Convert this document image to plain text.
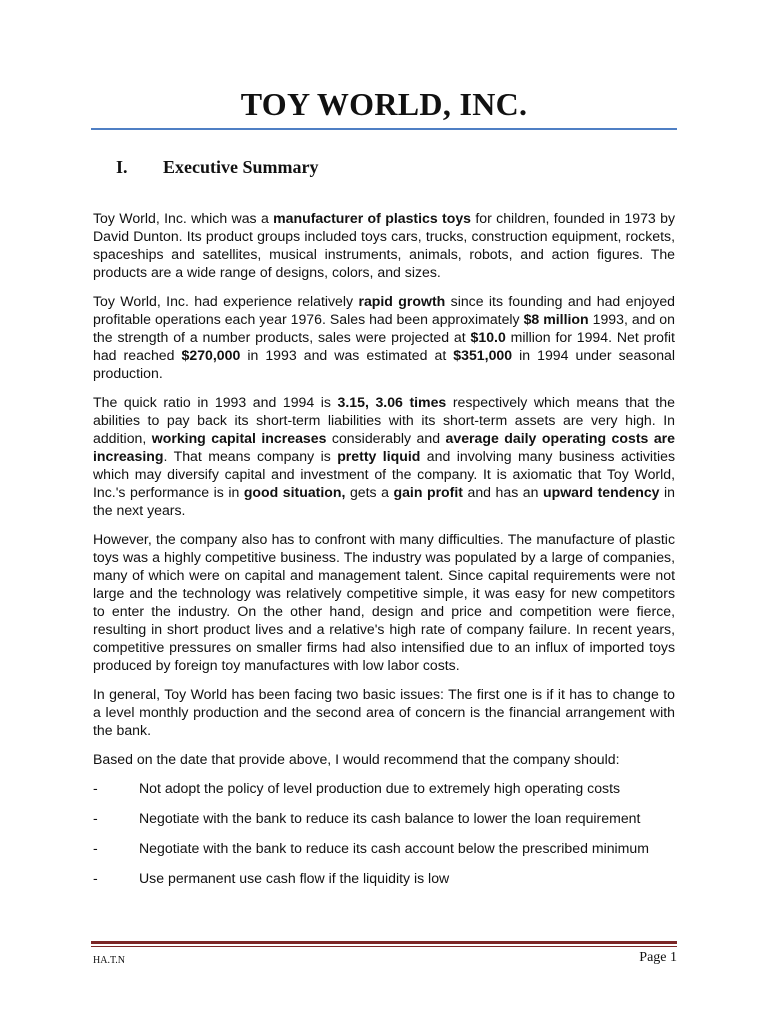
TOY WORLD, INC.
I. Executive Summary

Toy World, Inc. which was a manufacturer of plastics toys for children, founded in 1973 by David Dunton. Its product groups included toys cars, trucks, construction equipment, rockets, spaceships and satellites, musical instruments, animals, robots, and action figures. The products are a wide range of designs, colors, and sizes.

Toy World, Inc. had experience relatively rapid growth since its founding and had enjoyed profitable operations each year 1976. Sales had been approximately $8 million 1993, and on the strength of a number products, sales were projected at $10.0 million for 1994. Net profit had reached $270,000 in 1993 and was estimated at $351,000 in 1994 under seasonal production.

The quick ratio in 1993 and 1994 is 3.15, 3.06 times respectively which means that the abilities to pay back its short-term liabilities with its short-term assets are very high. In addition, working capital increases considerably and average daily operating costs are increasing. That means company is pretty liquid and involving many business activities which may diversify capital and investment of the company. It is axiomatic that Toy World, Inc.'s performance is in good situation, gets a gain profit and has an upward tendency in the next years.

However, the company also has to confront with many difficulties. The manufacture of plastic toys was a highly competitive business. The industry was populated by a large of companies, many of which were on capital and management talent. Since capital requirements were not large and the technology was relatively competitive simple, it was easy for new competitors to enter the industry. On the other hand, design and price and competition were fierce, resulting in short product lives and a relative's high rate of company failure. In recent years, competitive pressures on smaller firms had also intensified due to an influx of imported toys produced by foreign toy manufactures with low labor costs.

In general, Toy World has been facing two basic issues: The first one is if it has to change to a level monthly production and the second area of concern is the financial arrangement with the bank.

Based on the date that provide above, I would recommend that the company should:

-	Not adopt the policy of level production due to extremely high operating costs
-	Negotiate with the bank to reduce its cash balance to lower the loan requirement
-	Negotiate with the bank to reduce its cash account below the prescribed minimum
-	Use permanent use cash flow if the liquidity is low
HA.T.N	Page 1
